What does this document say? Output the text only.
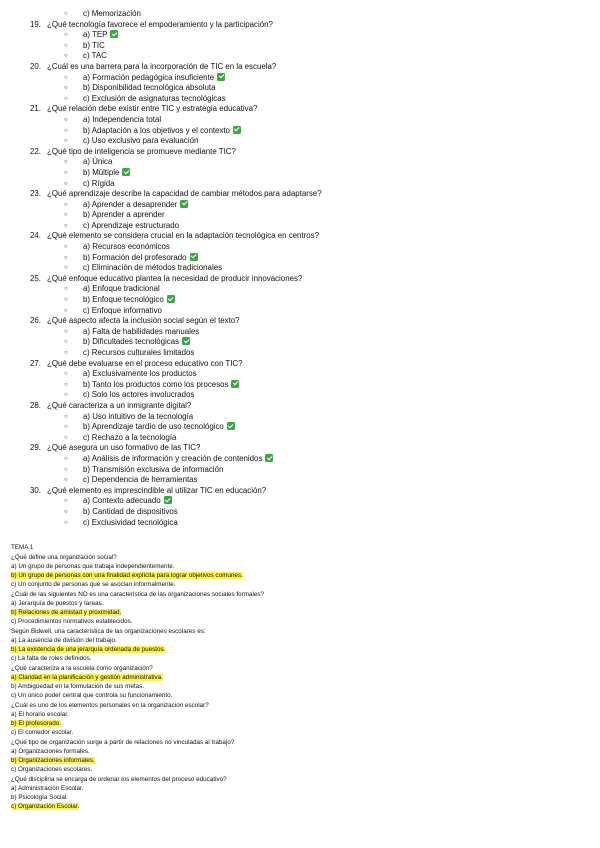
○ c) Memorización
19. ¿Qué tecnología favorece el empoderamiento y la participación?
○ a) TEP
○ b) TIC
○ c) TAC
20. ¿Cuál es una barrera para la incorporación de TIC en la escuela?
○ a) Formación pedagógica insuficiente
○ b) Disponibilidad tecnológica absoluta
○ c) Exclusión de asignaturas tecnológicas
21. ¿Qué relación debe existir entre TIC y estrategia educativa?
○ a) Independencia total
○ b) Adaptación a los objetivos y el contexto
○ c) Uso exclusivo para evaluación
22. ¿Qué tipo de inteligencia se promueve mediante TIC?
○ a) Única
○ b) Múltiple
○ c) Rígida
23. ¿Qué aprendizaje describe la capacidad de cambiar métodos para adaptarse?
○ a) Aprender a desaprender
○ b) Aprender a aprender
○ c) Aprendizaje estructurado
24. ¿Qué elemento se considera crucial en la adaptación tecnológica en centros?
○ a) Recursos económicos
○ b) Formación del profesorado
○ c) Eliminación de métodos tradicionales
25. ¿Qué enfoque educativo plantea la necesidad de producir innovaciones?
○ a) Enfoque tradicional
○ b) Enfoque tecnológico
○ c) Enfoque informativo
26. ¿Qué aspecto afecta la inclusión social según el texto?
○ a) Falta de habilidades manuales
○ b) Dificultades tecnológicas
○ c) Recursos culturales limitados
27. ¿Qué debe evaluarse en el proceso educativo con TIC?
○ a) Exclusivamente los productos
○ b) Tanto los productos como los procesos
○ c) Solo los actores involucrados
28. ¿Qué caracteriza a un inmigrante digital?
○ a) Uso intuitivo de la tecnología
○ b) Aprendizaje tardío de uso tecnológico
○ c) Rechazo a la tecnología
29. ¿Qué asegura un uso formativo de las TIC?
○ a) Análisis de información y creación de contenidos
○ b) Transmisión exclusiva de información
○ c) Dependencia de herramientas
30. ¿Qué elemento es imprescindible al utilizar TIC en educación?
○ a) Contexto adecuado
○ b) Cantidad de dispositivos
○ c) Exclusividad tecnológica
TEMA 1
¿Qué define una organización social?
a) Un grupo de personas que trabaja independientemente.
b) Un grupo de personas con una finalidad explícita para lograr objetivos comunes.
c) Un conjunto de personas que se asocian informalmente.
¿Cuál de las siguientes NO es una característica de las organizaciones sociales formales?
a) Jerarquía de puestos y tareas.
b) Relaciones de amistad y proximidad.
c) Procedimientos normativos establecidos.
Según Bidwell, una característica de las organizaciones escolares es:
a) La ausencia de división del trabajo.
b) La existencia de una jerarquía ordenada de puestos.
c) La falta de roles definidos.
¿Qué caracteriza a la escuela como organización?
a) Claridad en la planificación y gestión administrativa.
b) Ambigüedad en la formulación de sus metas.
c) Un único poder central que controla su funcionamiento.
¿Cuál es uno de los elementos personales en la organización escolar?
a) El horario escolar.
b) El profesorado.
c) El comedor escolar.
¿Qué tipo de organización surge a partir de relaciones no vinculadas al trabajo?
a) Organizaciones formales.
b) Organizaciones informales.
c) Organizaciones escolares.
¿Qué disciplina se encarga de ordenar los elementos del proceso educativo?
a) Administración Escolar.
b) Psicología Social.
c) Organización Escolar.
